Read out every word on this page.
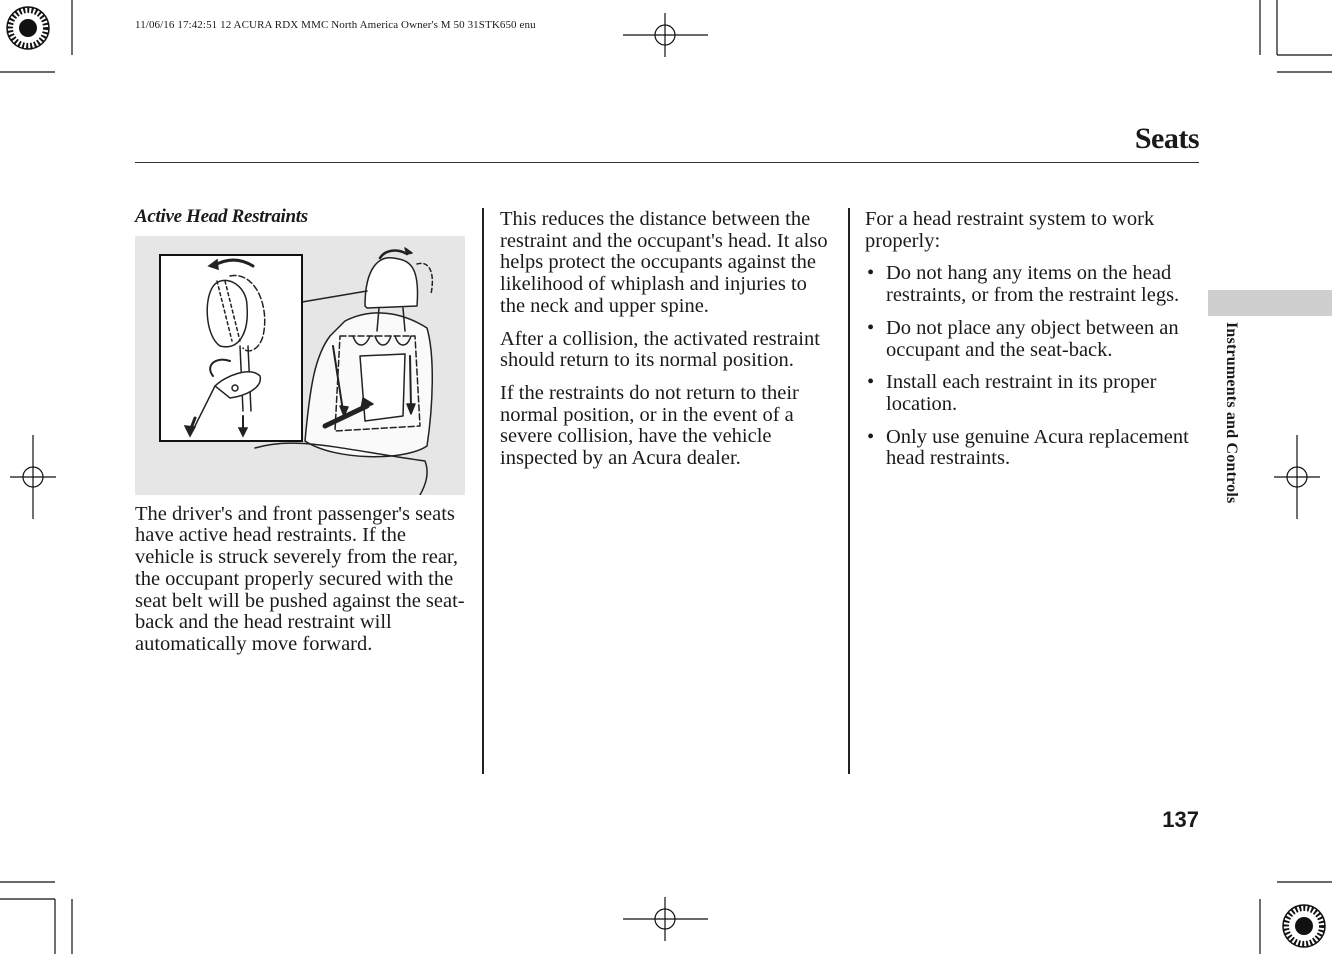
11/06/16 17:42:51 12 ACURA RDX MMC North America Owner's M 50 31STK650 enu
Seats
Active Head Restraints

The driver's and front passenger's seats have active head restraints. If the vehicle is struck severely from the rear, the occupant properly secured with the seat belt will be pushed against the seat-back and the head restraint will automatically move forward.

This reduces the distance between the restraint and the occupant's head. It also helps protect the occupants against the likelihood of whiplash and injuries to the neck and upper spine.

After a collision, the activated restraint should return to its normal position.

If the restraints do not return to their normal position, or in the event of a severe collision, have the vehicle inspected by an Acura dealer.

For a head restraint system to work properly:

• Do not hang any items on the head restraints, or from the restraint legs.
• Do not place any object between an occupant and the seat-back.
• Install each restraint in its proper location.
• Only use genuine Acura replacement head restraints.	Instruments and Controls
137
